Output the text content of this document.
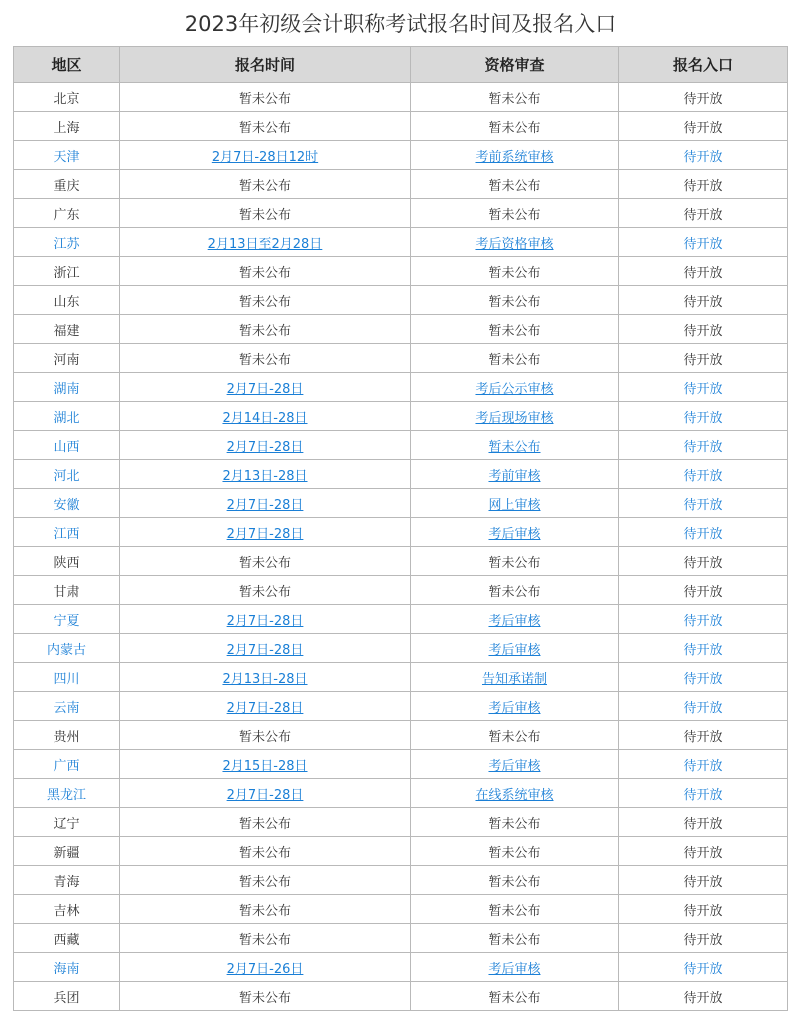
2023年初级会计职称考试报名时间及报名入口
地区	报名时间	资格审查	报名入口
北京	暂未公布	暂未公布	待开放
上海	暂未公布	暂未公布	待开放
天津	2月7日-28日12时	考前系统审核	待开放
重庆	暂未公布	暂未公布	待开放
广东	暂未公布	暂未公布	待开放
江苏	2月13日至2月28日	考后资格审核	待开放
浙江	暂未公布	暂未公布	待开放
山东	暂未公布	暂未公布	待开放
福建	暂未公布	暂未公布	待开放
河南	暂未公布	暂未公布	待开放
湖南	2月7日-28日	考后公示审核	待开放
湖北	2月14日-28日	考后现场审核	待开放
山西	2月7日-28日	暂未公布	待开放
河北	2月13日-28日	考前审核	待开放
安徽	2月7日-28日	网上审核	待开放
江西	2月7日-28日	考后审核	待开放
陕西	暂未公布	暂未公布	待开放
甘肃	暂未公布	暂未公布	待开放
宁夏	2月7日-28日	考后审核	待开放
内蒙古	2月7日-28日	考后审核	待开放
四川	2月13日-28日	告知承诺制	待开放
云南	2月7日-28日	考后审核	待开放
贵州	暂未公布	暂未公布	待开放
广西	2月15日-28日	考后审核	待开放
黑龙江	2月7日-28日	在线系统审核	待开放
辽宁	暂未公布	暂未公布	待开放
新疆	暂未公布	暂未公布	待开放
青海	暂未公布	暂未公布	待开放
吉林	暂未公布	暂未公布	待开放
西藏	暂未公布	暂未公布	待开放
海南	2月7日-26日	考后审核	待开放
兵团	暂未公布	暂未公布	待开放
